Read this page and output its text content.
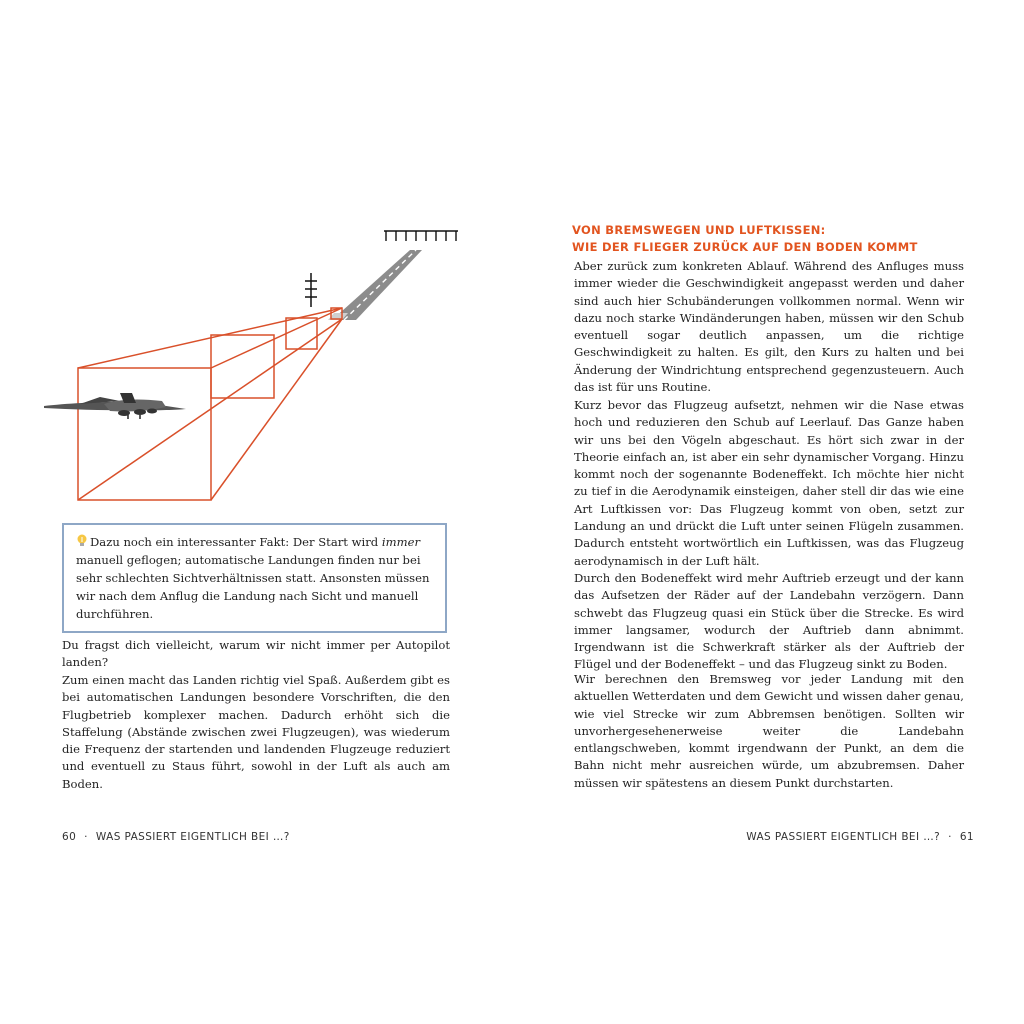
Dazu noch ein interessanter Fakt: Der Start wird immer manuell geflogen; automatische Landungen finden nur bei sehr schlechten Sichtverhältnissen statt. Ansonsten müssen wir nach dem Anflug die Landung nach Sicht und manuell durchführen.

Du fragst dich vielleicht, warum wir nicht immer per Autopilot landen?

Zum einen macht das Landen richtig viel Spaß. Außerdem gibt es bei automatischen Landungen besondere Vorschriften, die den Flugbetrieb komplexer machen. Dadurch erhöht sich die Staffelung (Abstände zwischen zwei Flugzeugen), was wiederum die Frequenz der startenden und landenden Flugzeuge reduziert und eventuell zu Staus führt, sowohl in der Luft als auch am Boden.

60 · WAS PASSIERT EIGENTLICH BEI …?
VON BREMSWEGEN UND LUFTKISSEN:
WIE DER FLIEGER ZURÜCK AUF DEN BODEN KOMMT

Aber zurück zum konkreten Ablauf. Während des Anfluges muss immer wieder die Geschwindigkeit angepasst werden und daher sind auch hier Schubänderungen vollkommen normal. Wenn wir dazu noch starke Windänderungen haben, müssen wir den Schub eventuell sogar deutlich anpassen, um die richtige Geschwindigkeit zu halten. Es gilt, den Kurs zu halten und bei Änderung der Windrichtung entsprechend gegenzusteuern. Auch das ist für uns Routine.

Kurz bevor das Flugzeug aufsetzt, nehmen wir die Nase etwas hoch und reduzieren den Schub auf Leerlauf. Das Ganze haben wir uns bei den Vögeln abgeschaut. Es hört sich zwar in der Theorie einfach an, ist aber ein sehr dynamischer Vorgang. Hinzu kommt noch der sogenannte Bodeneffekt. Ich möchte hier nicht zu tief in die Aerodynamik einsteigen, daher stell dir das wie eine Art Luftkissen vor: Das Flugzeug kommt von oben, setzt zur Landung an und drückt die Luft unter seinen Flügeln zusammen. Dadurch entsteht wortwörtlich ein Luftkissen, was das Flugzeug aerodynamisch in der Luft hält.

Durch den Bodeneffekt wird mehr Auftrieb erzeugt und der kann das Aufsetzen der Räder auf der Landebahn verzögern. Dann schwebt das Flugzeug quasi ein Stück über die Strecke. Es wird immer langsamer, wodurch der Auftrieb dann abnimmt. Irgendwann ist die Schwerkraft stärker als der Auftrieb der Flügel und der Bodeneffekt – und das Flugzeug sinkt zu Boden.

Wir berechnen den Bremsweg vor jeder Landung mit den aktuellen Wetterdaten und dem Gewicht und wissen daher genau, wie viel Strecke wir zum Abbremsen benötigen. Sollten wir unvorhergesehenerweise weiter die Landebahn entlangschweben, kommt irgendwann der Punkt, an dem die Bahn nicht mehr ausreichen würde, um abzubremsen. Daher müssen wir spätestens an diesem Punkt durchstarten.

WAS PASSIERT EIGENTLICH BEI …? · 61
